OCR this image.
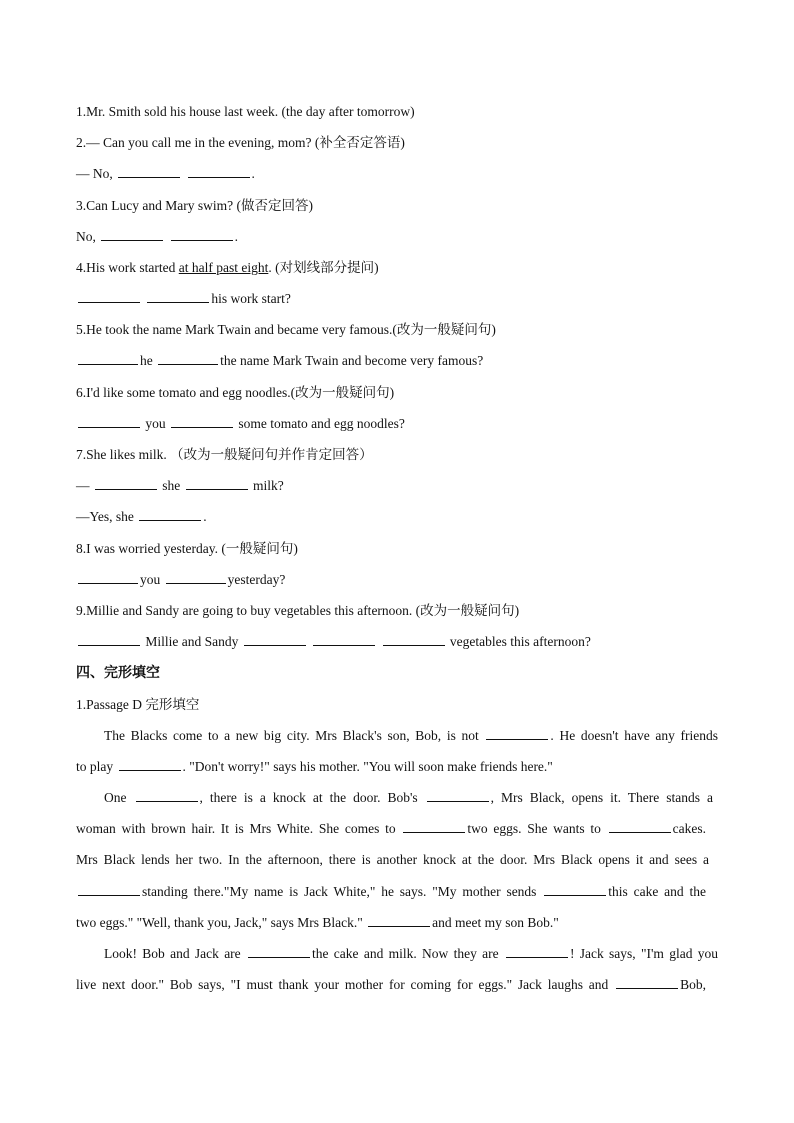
1.Mr. Smith sold his house last week. (the day after tomorrow)
2.— Can you call me in the evening, mom? (补全否定答语)
— No,	.
3.Can Lucy and Mary swim? (做否定回答)
No,	.
4.His work started at half past eight. (对划线部分提问)
his work start?
5.He took the name Mark Twain and became very famous.(改为一般疑问句)
he	the name Mark Twain and become very famous?
6.I'd like some tomato and egg noodles.(改为一般疑问句)
you	some tomato and egg noodles?
7.She likes milk. （改为一般疑问句并作肯定回答）
—	she	milk?
—Yes, she	.
8.I was worried yesterday. (一般疑问句)
you	yesterday?
9.Millie and Sandy are going to buy vegetables this afternoon. (改为一般疑问句)
Millie and Sandy	vegetables this afternoon?
四、完形填空
1.Passage D 完形填空
The Blacks come to a new big city. Mrs Black's son, Bob, is not	. He doesn't have any friends
to play	. "Don't worry!" says his mother. "You will soon make friends here."
One	, there is a knock at the door. Bob's	, Mrs Black, opens it. There stands a
woman with brown hair. It is Mrs White. She comes to	two eggs. She wants to	cakes.
Mrs Black lends her two. In the afternoon, there is another knock at the door. Mrs Black opens it and sees a
standing there."My name is Jack White," he says. "My mother sends	this cake and the
two eggs." "Well, thank you, Jack," says Mrs Black."	and meet my son Bob."
Look! Bob and Jack are	the cake and milk. Now they are	! Jack says, "I'm glad you
live next door." Bob says, "I must thank your mother for coming for eggs." Jack laughs and	Bob,
